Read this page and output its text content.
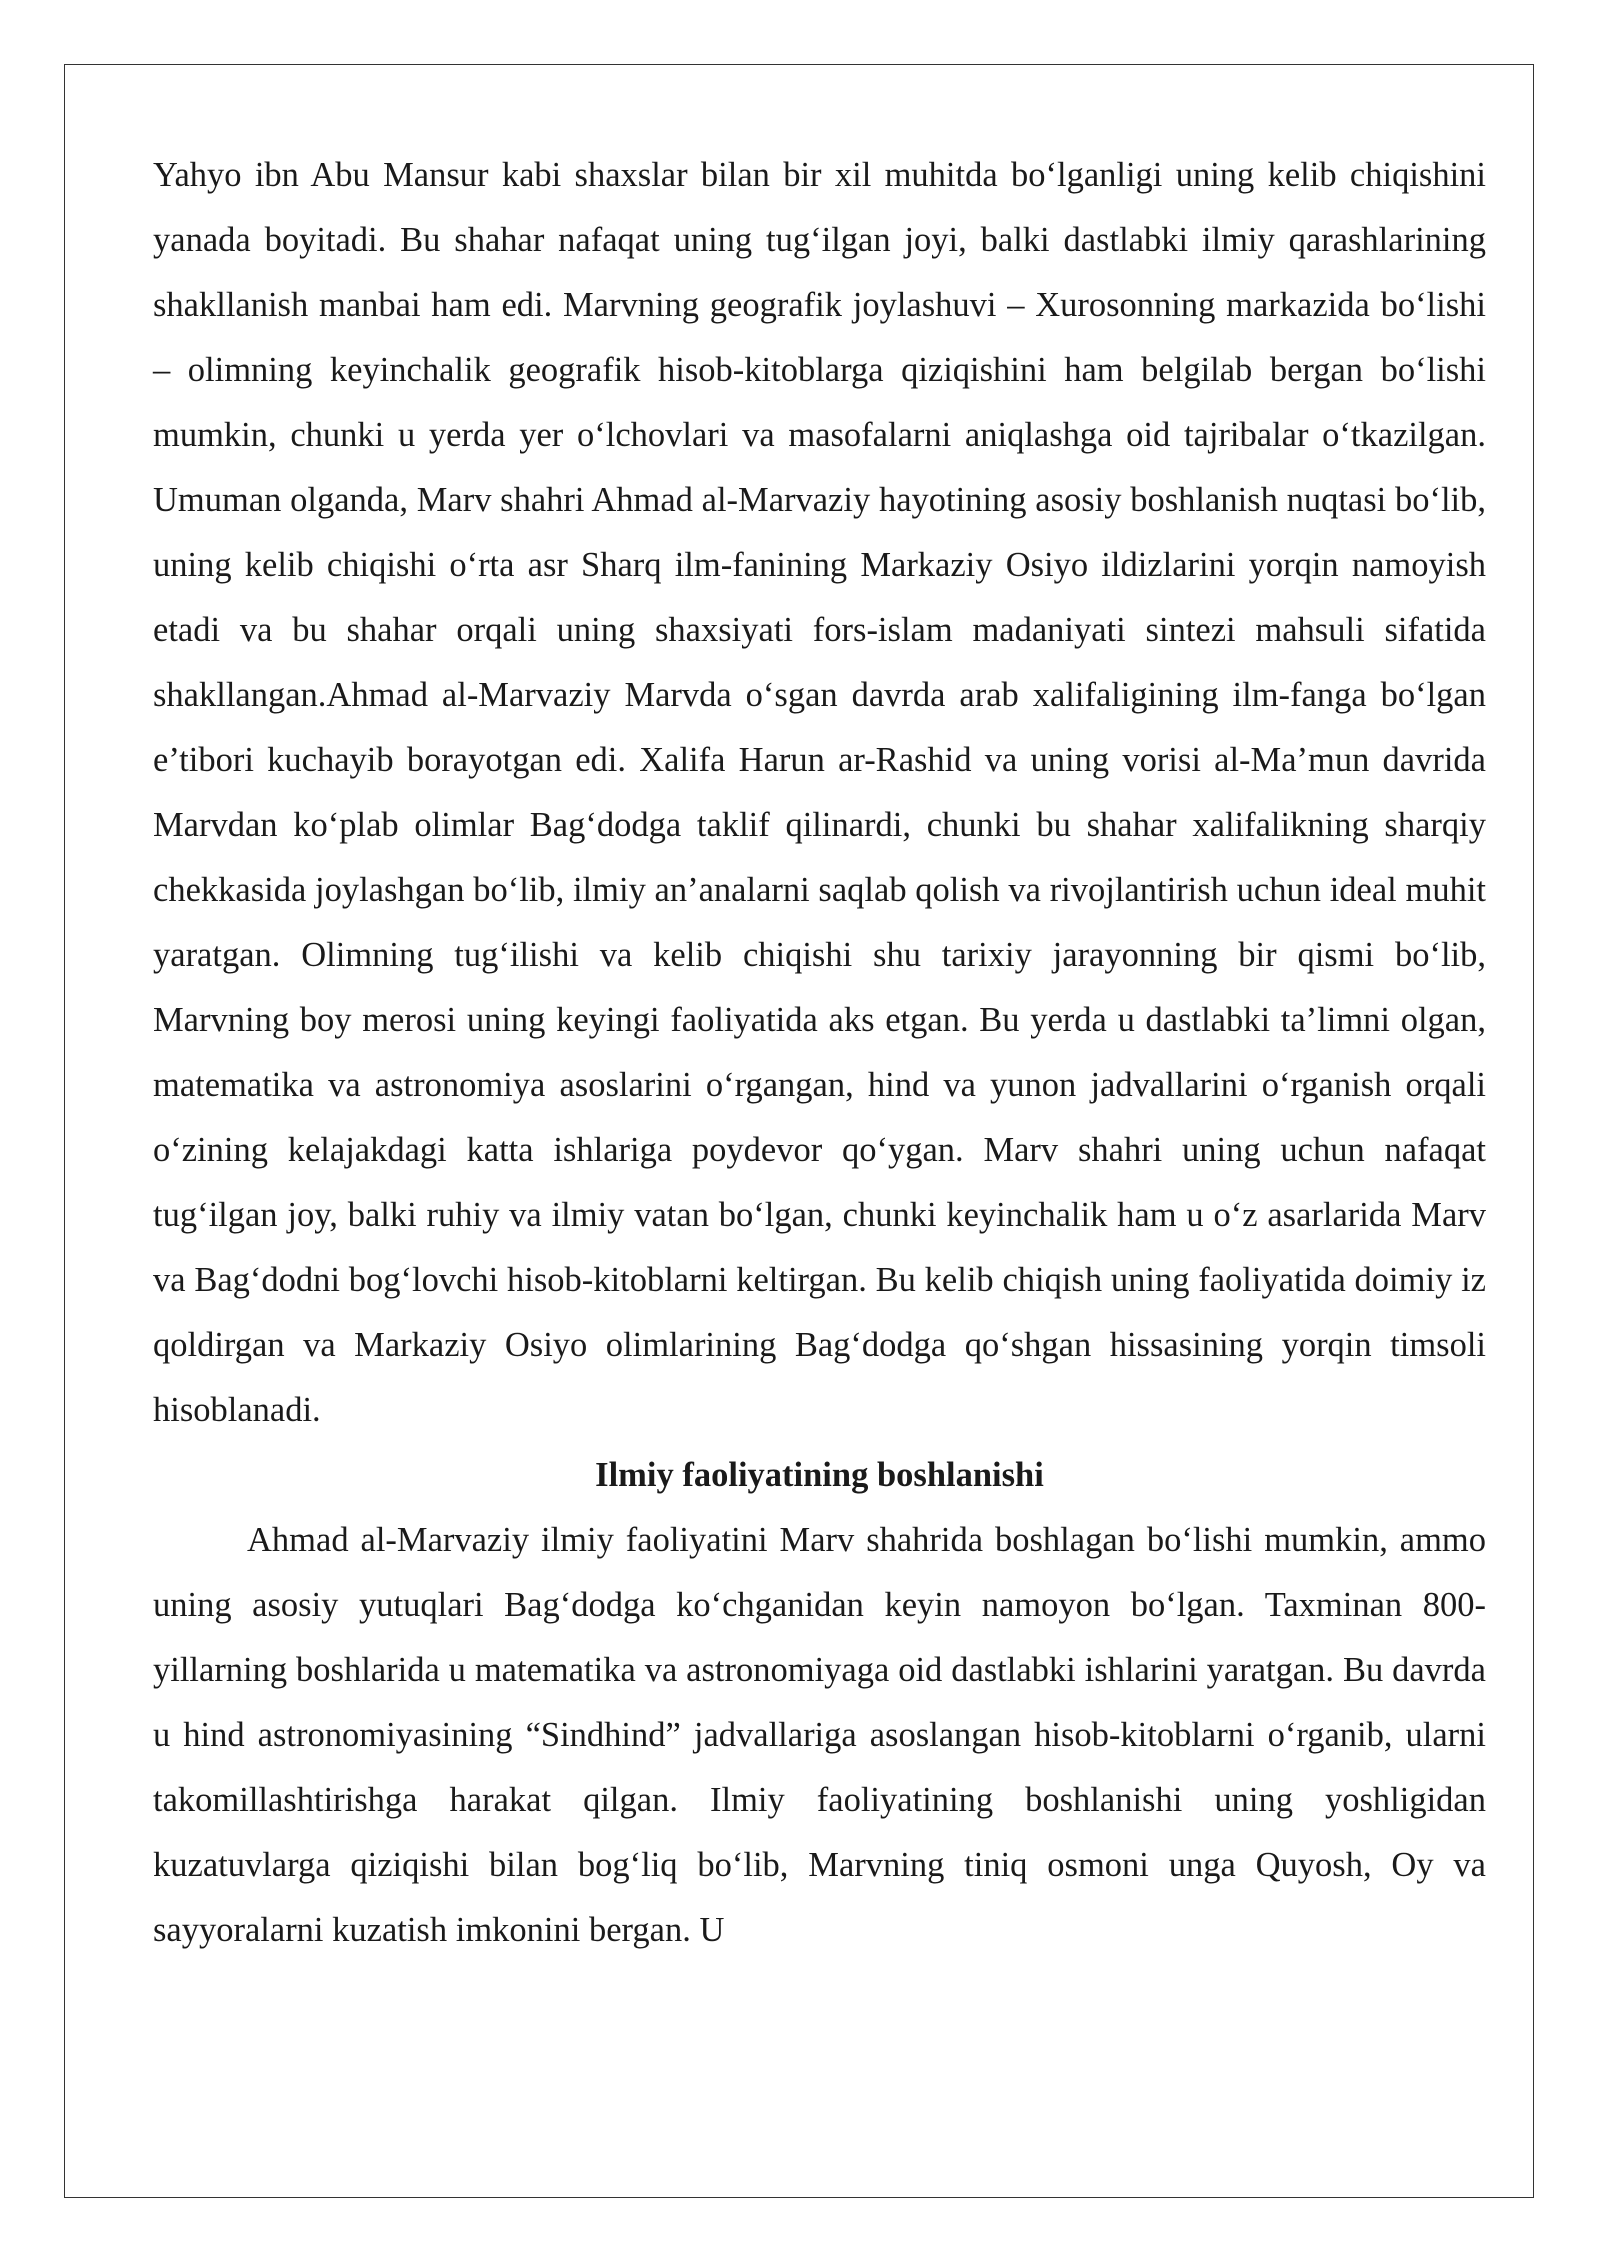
Yahyo ibn Abu Mansur kabi shaxslar bilan bir xil muhitda bo‘lganligi uning kelib chiqishini yanada boyitadi. Bu shahar nafaqat uning tug‘ilgan joyi, balki dastlabki ilmiy qarashlarining shakllanish manbai ham edi. Marvning geografik joylashuvi – Xurosonning markazida bo‘lishi – olimning keyinchalik geografik hisob-kitoblarga qiziqishini ham belgilab bergan bo‘lishi mumkin, chunki u yerda yer o‘lchovlari va masofalarni aniqlashga oid tajribalar o‘tkazilgan. Umuman olganda, Marv shahri Ahmad al-Marvaziy hayotining asosiy boshlanish nuqtasi bo‘lib, uning kelib chiqishi o‘rta asr Sharq ilm-fanining Markaziy Osiyo ildizlarini yorqin namoyish etadi va bu shahar orqali uning shaxsiyati fors-islam madaniyati sintezi mahsuli sifatida shakllangan.Ahmad al-Marvaziy Marvda o‘sgan davrda arab xalifaligining ilm-fanga bo‘lgan e’tibori kuchayib borayotgan edi. Xalifa Harun ar-Rashid va uning vorisi al-Ma’mun davrida Marvdan ko‘plab olimlar Bag‘dodga taklif qilinardi, chunki bu shahar xalifalikning sharqiy chekkasida joylashgan bo‘lib, ilmiy an’analarni saqlab qolish va rivojlantirish uchun ideal muhit yaratgan. Olimning tug‘ilishi va kelib chiqishi shu tarixiy jarayonning bir qismi bo‘lib, Marvning boy merosi uning keyingi faoliyatida aks etgan. Bu yerda u dastlabki ta’limni olgan, matematika va astronomiya asoslarini o‘rgangan, hind va yunon jadvallarini o‘rganish orqali o‘zining kelajakdagi katta ishlariga poydevor qo‘ygan. Marv shahri uning uchun nafaqat tug‘ilgan joy, balki ruhiy va ilmiy vatan bo‘lgan, chunki keyinchalik ham u o‘z asarlarida Marv va Bag‘dodni bog‘lovchi hisob-kitoblarni keltirgan. Bu kelib chiqish uning faoliyatida doimiy iz qoldirgan va Markaziy Osiyo olimlarining Bag‘dodga qo‘shgan hissasining yorqin timsoli hisoblanadi.

Ilmiy faoliyatining boshlanishi

Ahmad al-Marvaziy ilmiy faoliyatini Marv shahrida boshlagan bo‘lishi mumkin, ammo uning asosiy yutuqlari Bag‘dodga ko‘chganidan keyin namoyon bo‘lgan. Taxminan 800-yillarning boshlarida u matematika va astronomiyaga oid dastlabki ishlarini yaratgan. Bu davrda u hind astronomiyasining “Sindhind” jadvallariga asoslangan hisob-kitoblarni o‘rganib, ularni takomillashtirishga harakat qilgan. Ilmiy faoliyatining boshlanishi uning yoshligidan kuzatuvlarga qiziqishi bilan bog‘liq bo‘lib, Marvning tiniq osmoni unga Quyosh, Oy va sayyoralarni kuzatish imkonini bergan. U
